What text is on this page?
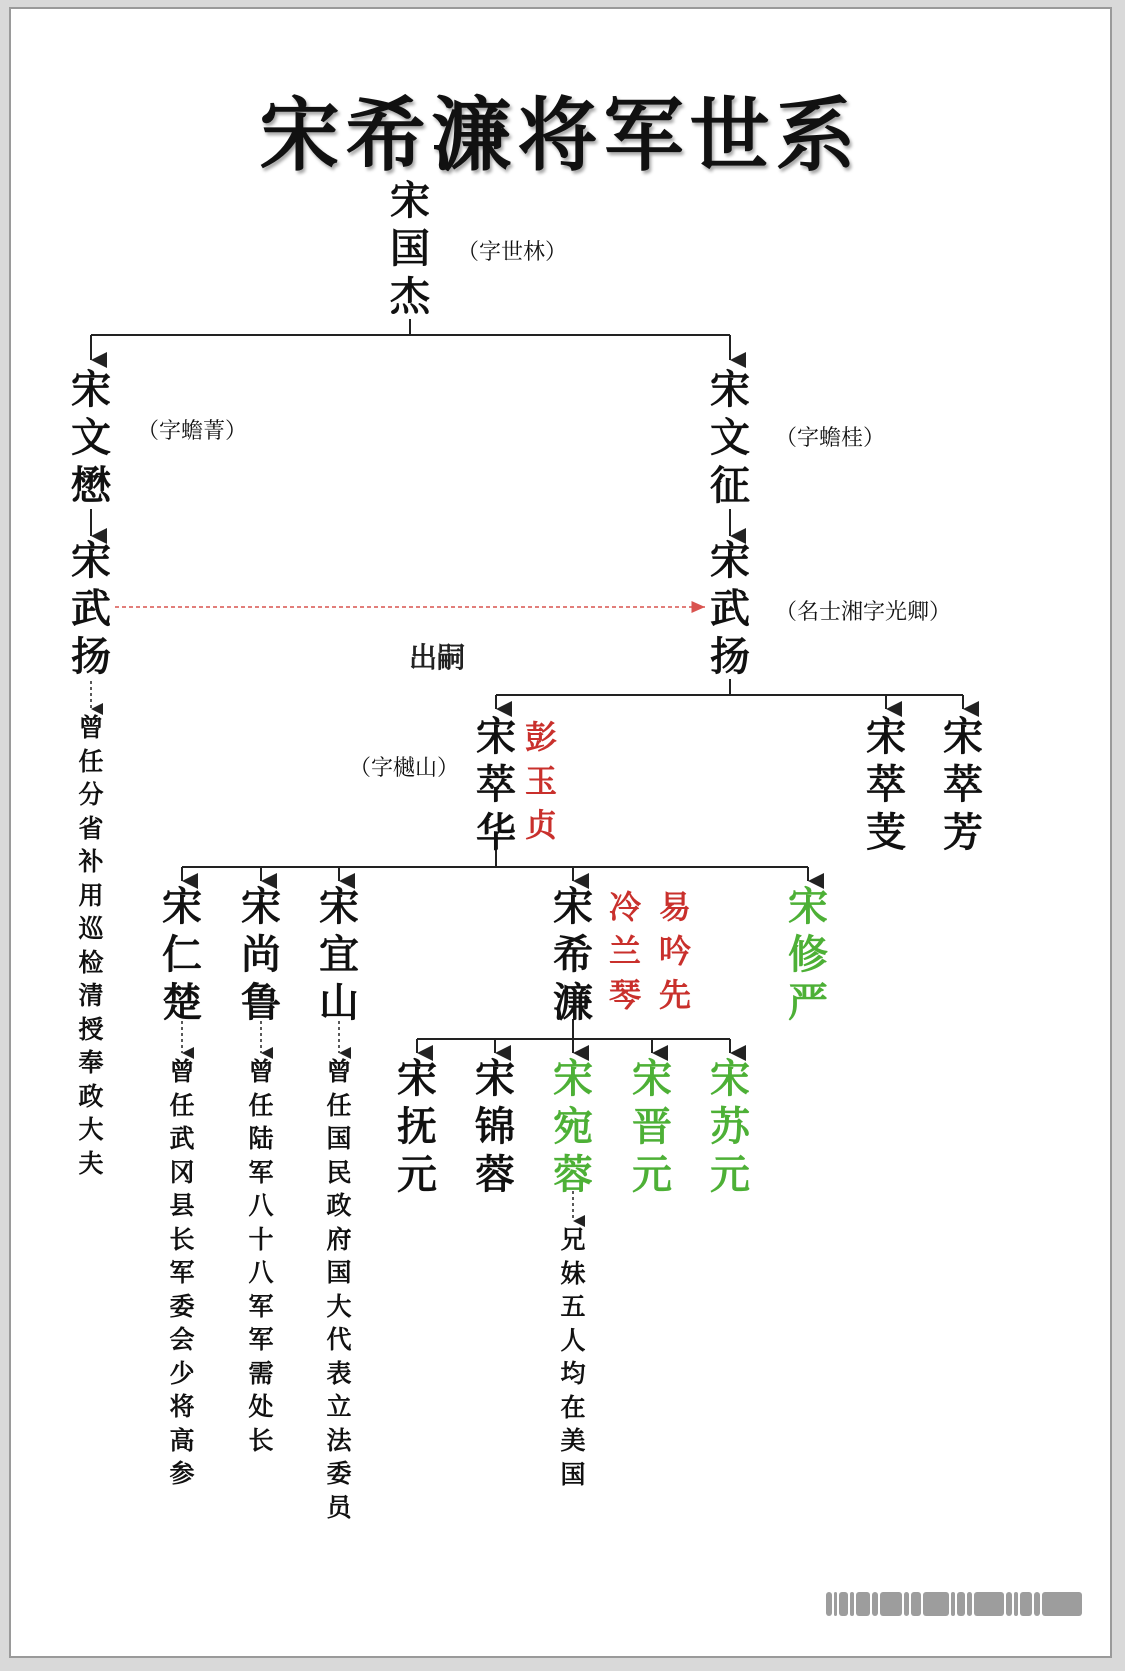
宋希濂将军世系
宋国杰
（字世林）
宋文懋
（字蟾菁）
宋文征
（字蟾桂）
宋武扬
曾任分省补用巡检清授奉政大夫
出嗣
宋武扬
（名士湘字光卿）
（字樾山）
宋萃华
彭玉贞
宋萃芰
宋萃芳
宋仁楚
曾任武冈县长军委会少将高参
宋尚鲁
曾任陆军八十八军军需处长
宋宜山
曾任国民政府国大代表立法委员
宋希濂
冷兰琴
易吟先
宋修严
宋抚元
宋锦蓉
宋宛蓉
兄妹五人均在美国
宋晋元
宋苏元
